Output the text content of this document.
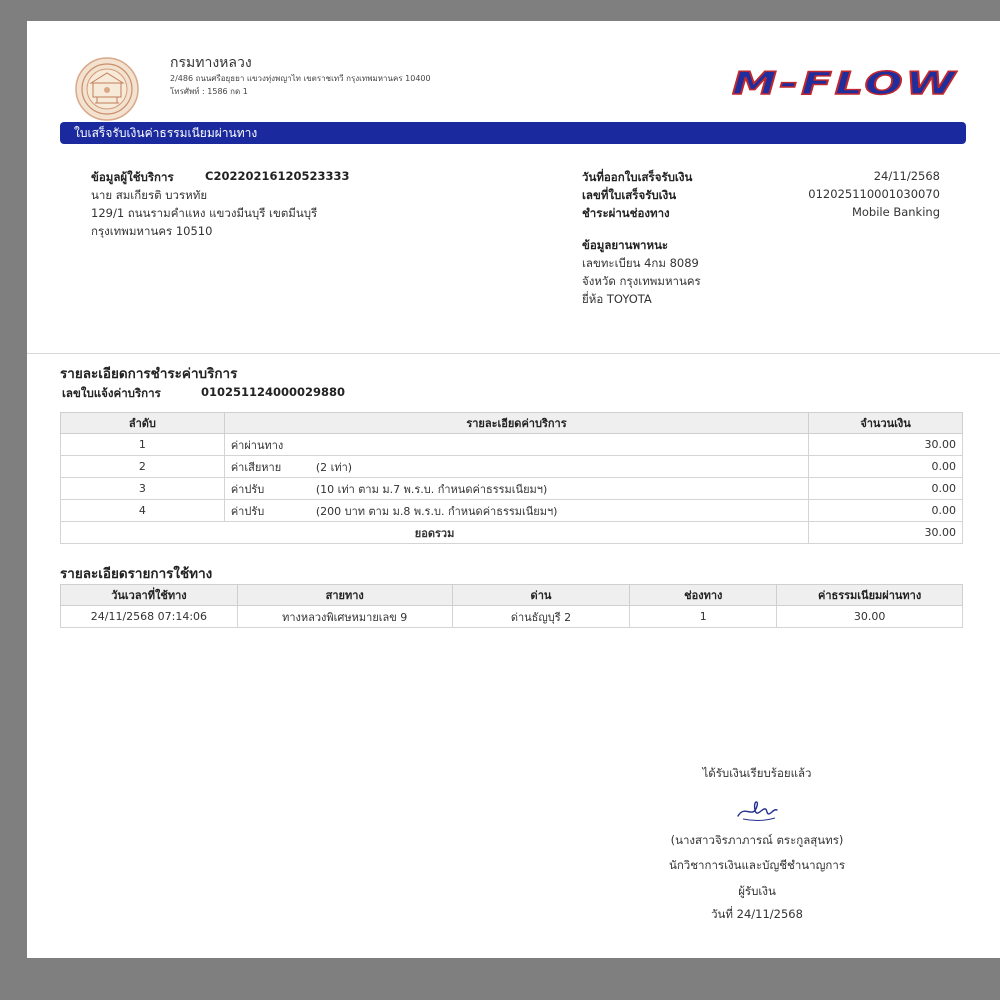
กรมทางหลวง
2/486 ถนนศรีอยุธยา แขวงทุ่งพญาไท เขตราชเทวี กรุงเทพมหานคร 10400
โทรศัพท์ : 1586 กด 1	M-FLOW
ใบเสร็จรับเงินค่าธรรมเนียมผ่านทาง
ข้อมูลผู้ใช้บริการ	C20220216120523333
นาย สมเกียรติ บวรหทัย
129/1 ถนนรามคำแหง แขวงมีนบุรี เขตมีนบุรี
กรุงเทพมหานคร 10510
วันที่ออกใบเสร็จรับเงิน	24/11/2568
เลขที่ใบเสร็จรับเงิน	012025110001030070
ชำระผ่านช่องทาง	Mobile Banking
ข้อมูลยานพาหนะ
เลขทะเบียน 4กม 8089
จังหวัด กรุงเทพมหานคร
ยี่ห้อ TOYOTA
รายละเอียดการชำระค่าบริการ
เลขใบแจ้งค่าบริการ	010251124000029880
ลำดับ	รายละเอียดค่าบริการ	จำนวนเงิน
1	ค่าผ่านทาง	30.00
2	ค่าเสียหาย (2 เท่า)	0.00
3	ค่าปรับ (10 เท่า ตาม ม.7 พ.ร.บ. กำหนดค่าธรรมเนียมฯ)	0.00
4	ค่าปรับ (200 บาท ตาม ม.8 พ.ร.บ. กำหนดค่าธรรมเนียมฯ)	0.00
ยอดรวม		30.00
รายละเอียดรายการใช้ทาง
วันเวลาที่ใช้ทาง	สายทาง	ด่าน	ช่องทาง	ค่าธรรมเนียมผ่านทาง
24/11/2568 07:14:06	ทางหลวงพิเศษหมายเลข 9	ด่านธัญบุรี 2	1	30.00
ได้รับเงินเรียบร้อยแล้ว
(นางสาวจิรภาภารณ์ ตระกูลสุนทร)
นักวิชาการเงินและบัญชีชำนาญการ
ผู้รับเงิน
วันที่ 24/11/2568
